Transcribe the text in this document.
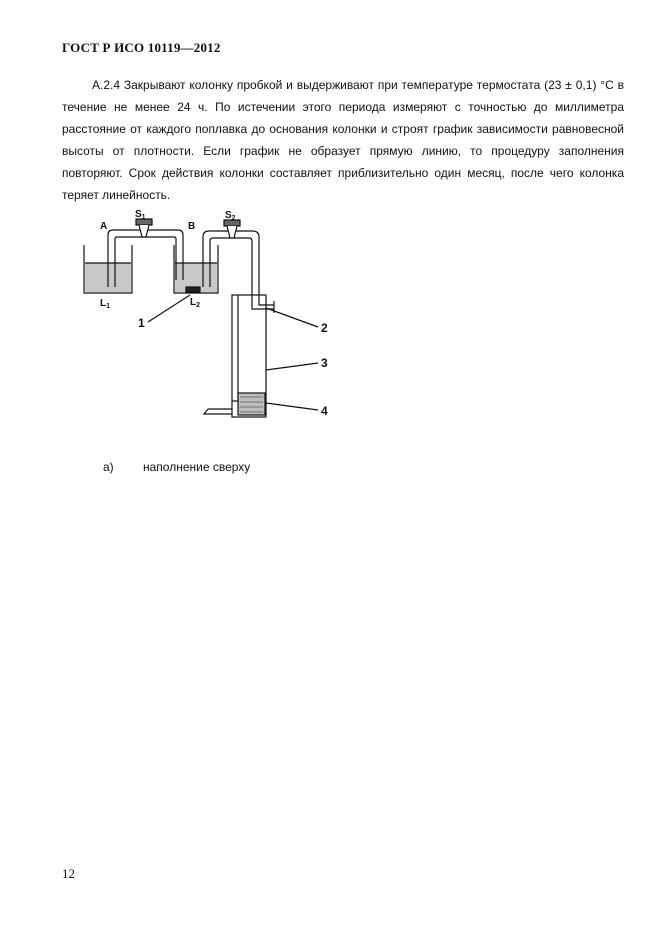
ГОСТ Р ИСО 10119—2012

А.2.4 Закрывают колонку пробкой и выдерживают при температуре термостата (23 ± 0,1) °С в течение не менее 24 ч. По истечении этого периода измеряют с точностью до миллиметра расстояние от каждого поплавка до основания колонки и строят график зависимости равновесной высоты от плотности. Если график не образует прямую линию, то процедуру заполнения повторяют. Срок действия колонки составляет приблизительно один месяц, после чего колонка теряет линейность.

A	B
$S_1$	$S_2$
$L_1$	$L_2$
1	2
3
4
а) наполнение сверху
12
